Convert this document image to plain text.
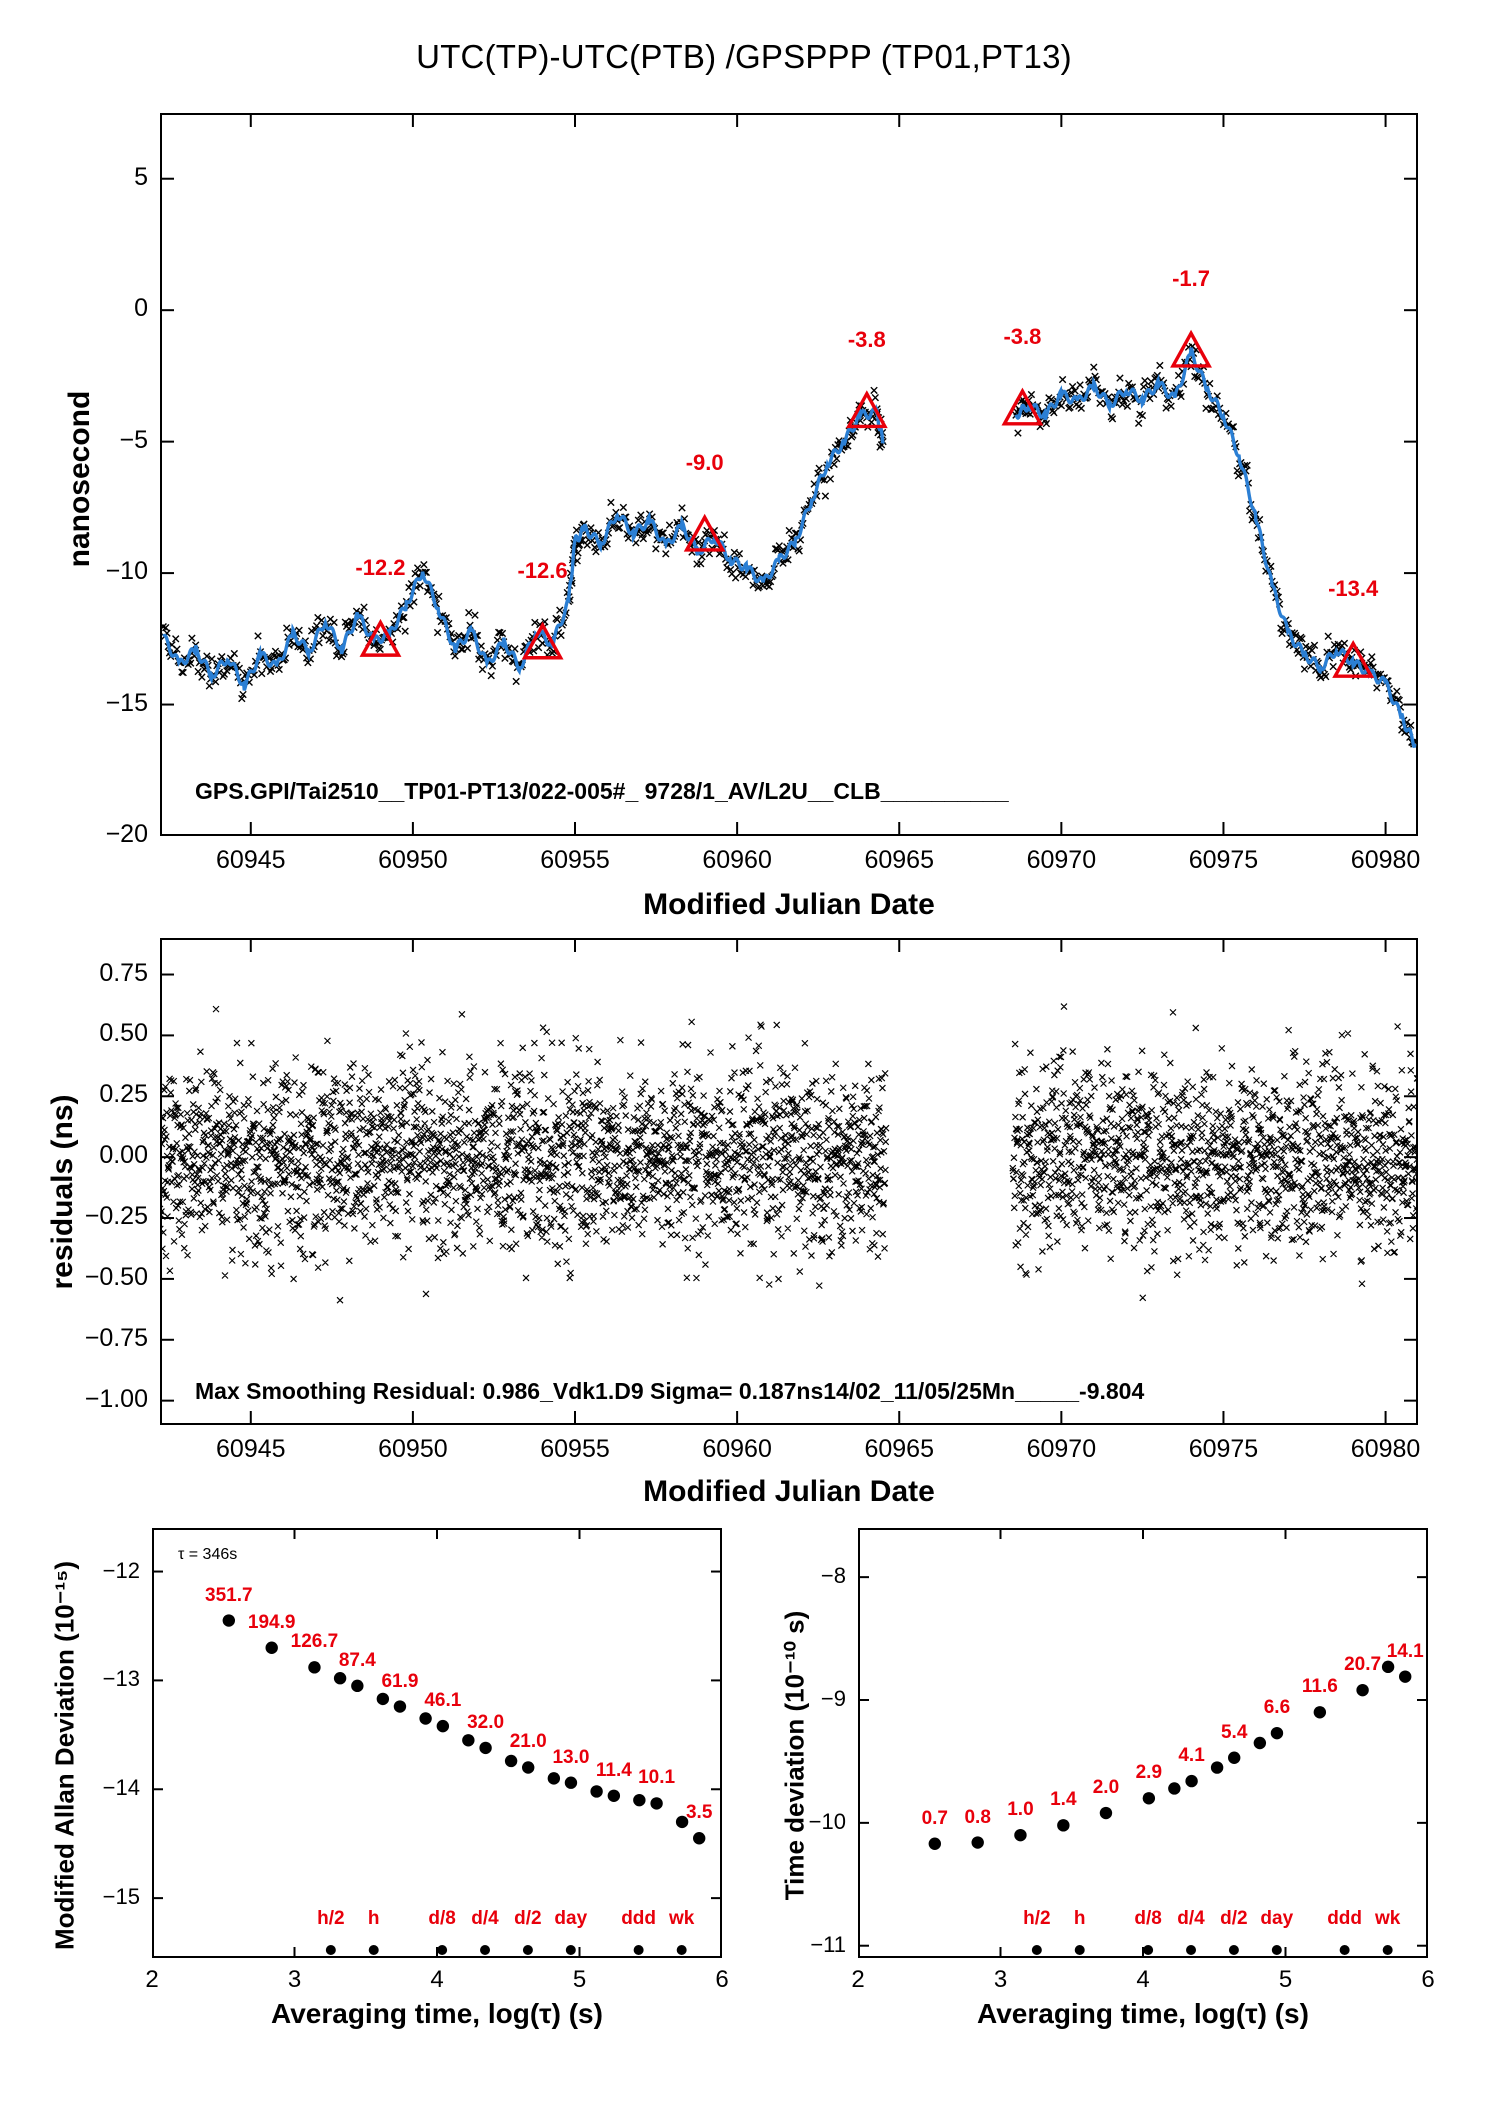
UTC(TP)-UTC(PTB) /GPSPPP (TP01,PT13)
nanosecond
Modified Julian Date
GPS.GPI/Tai2510__TP01-PT13/022-005#_ 9728/1_AV/L2U__CLB__________
5
0
−5
−10
−15
−20
60945	60950	60955	60960	60965	60970	60975	60980
-12.2	-12.6
-9.0
-3.8	-3.8
-1.7
-13.4
residuals (ns)
Modified Julian Date
Max Smoothing Residual: 0.986_Vdk1.D9 Sigma= 0.187ns14/02_11/05/25Mn_____-9.804
0.75
0.50
0.25
0.00
−0.25
−0.50
−0.75
−1.00
60945	60950	60955	60960	60965	60970	60975	60980
Modified Allan Deviation (10⁻¹⁵)
Averaging time, log(τ) (s)
τ = 346s
−12
−13
−14
−15
2	3	4	5	6
351.7
194.9
126.7
87.4
61.9
46.1
32.0
21.0
13.0
11.4 10.1
3.5
h/2	h	d/8 d/4 d/2 day	ddd wk
Time deviation (10⁻¹⁰ s)
Averaging time, log(τ) (s)
−8
−9
−10
−11
2	3	4	5	6
0.7 0.8 1.0 1.4
2.0
2.9
4.1
5.4
6.6
11.6
20.7
14.1
h/2	h	d/8 d/4 d/2 day	ddd wk
